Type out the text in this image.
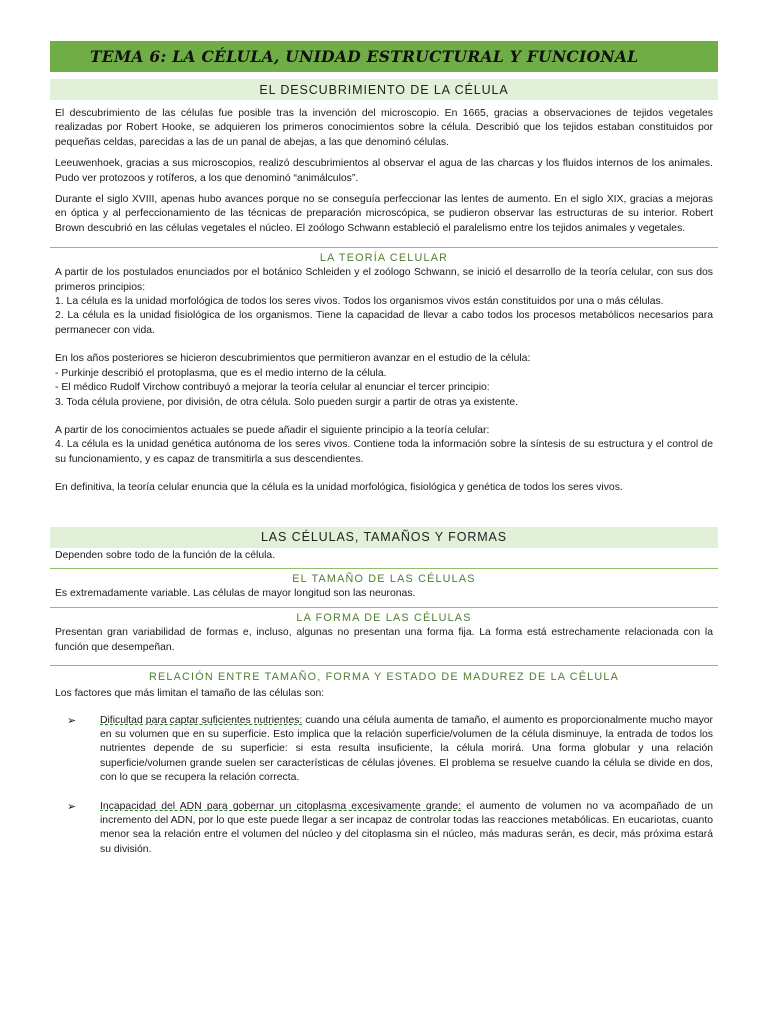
TEMA 6: LA CÉLULA, UNIDAD ESTRUCTURAL Y FUNCIONAL
EL DESCUBRIMIENTO DE LA CÉLULA

El descubrimiento de las células fue posible tras la invención del microscopio. En 1665, gracias a observaciones de tejidos vegetales realizadas por Robert Hooke, se adquieren los primeros conocimientos sobre la célula. Describió que los tejidos estaban constituidos por pequeñas celdas, parecidas a las de un panal de abejas, a las que denominó células.

Leeuwenhoek, gracias a sus microscopios, realizó descubrimientos al observar el agua de las charcas y los fluidos internos de los animales. Pudo ver protozoos y rotíferos, a los que denominó “animálculos”.

Durante el siglo XVIII, apenas hubo avances porque no se conseguía perfeccionar las lentes de aumento. En el siglo XIX, gracias a mejoras en óptica y al perfeccionamiento de las técnicas de preparación microscópica, se pudieron observar las estructuras de su interior. Robert Brown descubrió en las células vegetales el núcleo. El zoólogo Schwann estableció el paralelismo entre los tejidos animales y vegetales.

LA TEORÍA CELULAR

A partir de los postulados enunciados por el botánico Schleiden y el zoólogo Schwann, se inició el desarrollo de la teoría celular, con sus dos primeros principios:

1. La célula es la unidad morfológica de todos los seres vivos. Todos los organismos vivos están constituidos por una o más células.

2. La célula es la unidad fisiológica de los organismos. Tiene la capacidad de llevar a cabo todos los procesos metabólicos necesarios para permanecer con vida.

En los años posteriores se hicieron descubrimientos que permitieron avanzar en el estudio de la célula:

- Purkinje describió el protoplasma, que es el medio interno de la célula.

- El médico Rudolf Virchow contribuyó a mejorar la teoría celular al enunciar el tercer principio:

3. Toda célula proviene, por división, de otra célula. Solo pueden surgir a partir de otras ya existente.

A partir de los conocimientos actuales se puede añadir el siguiente principio a la teoría celular:

4. La célula es la unidad genética autónoma de los seres vivos. Contiene toda la información sobre la síntesis de su estructura y el control de su funcionamiento, y es capaz de transmitirla a sus descendientes.

En definitiva, la teoría celular enuncia que la célula es la unidad morfológica, fisiológica y genética de todos los seres vivos.

LAS CÉLULAS, TAMAÑOS Y FORMAS

Dependen sobre todo de la función de la célula.

EL TAMAÑO DE LAS CÉLULAS

Es extremadamente variable. Las células de mayor longitud son las neuronas.

LA FORMA DE LAS CÉLULAS

Presentan gran variabilidad de formas e, incluso, algunas no presentan una forma fija. La forma está estrechamente relacionada con la función que desempeñan.

RELACIÓN ENTRE TAMAÑO, FORMA Y ESTADO DE MADUREZ DE LA CÉLULA

Los factores que más limitan el tamaño de las células son:

➢	Dificultad para captar suficientes nutrientes: cuando una célula aumenta de tamaño, el aumento es proporcionalmente mucho mayor en su volumen que en su superficie. Esto implica que la relación superficie/volumen de la célula disminuye, la entrada de todos los nutrientes depende de su superficie: si esta resulta insuficiente, la célula morirá. Una forma globular y una relación superficie/volumen grande suelen ser características de células jóvenes. El problema se resuelve cuando la célula se divide en dos, con lo que se recupera la relación correcta.

➢	Incapacidad del ADN para gobernar un citoplasma excesivamente grande: el aumento de volumen no va acompañado de un incremento del ADN, por lo que este puede llegar a ser incapaz de controlar todas las reacciones metabólicas. En eucariotas, cuanto menor sea la relación entre el volumen del núcleo y del citoplasma sin el núcleo, más maduras serán, es decir, más próxima estará su división.
